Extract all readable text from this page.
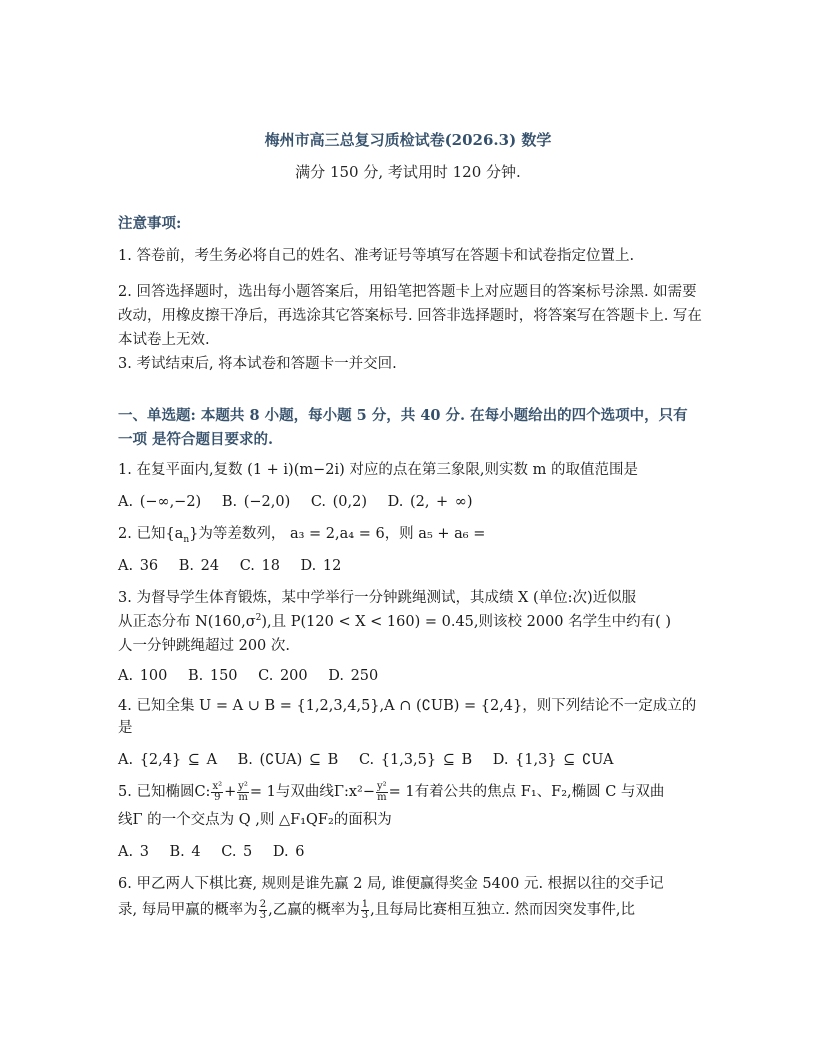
梅州市高三总复习质检试卷(2026.3) 数学
满分 150 分, 考试用时 120 分钟.
注意事项:
1. 答卷前，考生务必将自己的姓名、准考证号等填写在答题卡和试卷指定位置上.
2. 回答选择题时，选出每小题答案后，用铅笔把答题卡上对应题目的答案标号涂黑. 如需要改动，用橡皮擦干净后，再选涂其它答案标号. 回答非选择题时，将答案写在答题卡上. 写在本试卷上无效.
3. 考试结束后, 将本试卷和答题卡一并交回.
一、单选题: 本题共 8 小题，每小题 5 分，共 40 分. 在每小题给出的四个选项中，只有一项 是符合题目要求的.
1. 在复平面内,复数 (1 + i)(m−2i) 对应的点在第三象限,则实数 m 的取值范围是
A. (−∞,−2) B. (−2,0) C. (0,2) D. (2, + ∞)
2. 已知$\{a_n\}$为等差数列， a₃ = 2,a₄ = 6，则 a₅ + a₆ =
A. 36 B. 24 C. 18 D. 12
3. 为督导学生体育锻炼，某中学举行一分钟跳绳测试，其成绩 X (单位:次)近似服
从正态分布 $N(160,\sigma^2)$,且 P(120 < X < 160) = 0.45,则该校 2000 名学生中约有( )
人一分钟跳绳超过 200 次.
A. 100 B. 150 C. 200 D. 250
4. 已知全集 U = A ∪ B = {1,2,3,4,5},A ∩ (∁UB) = {2,4}，则下列结论不一定成立的
是
A. {2,4} ⊆ A B. (∁UA) ⊆ B C. {1,3,5} ⊆ B D. {1,3} ⊆ ∁UA
5. 已知椭圆C: $\frac{\text{x²}}{9} + \frac{\text{y²}}{m} = 1$与双曲线Γ:x²− $\frac{\text{y²}}{m} = 1$有着公共的焦点 F₁、F₂,椭圆 C 与双曲
线Γ 的一个交点为 Q ,则 △F₁QF₂的面积为
A. 3 B. 4 C. 5 D. 6
6. 甲乙两人下棋比赛, 规则是谁先赢 2 局, 谁便赢得奖金 5400 元. 根据以往的交手记
录, 每局甲赢的概率为 $\frac{2}{3}$ ,乙赢的概率为 $\frac{1}{3}$ ,且每局比赛相互独立. 然而因突发事件,比
